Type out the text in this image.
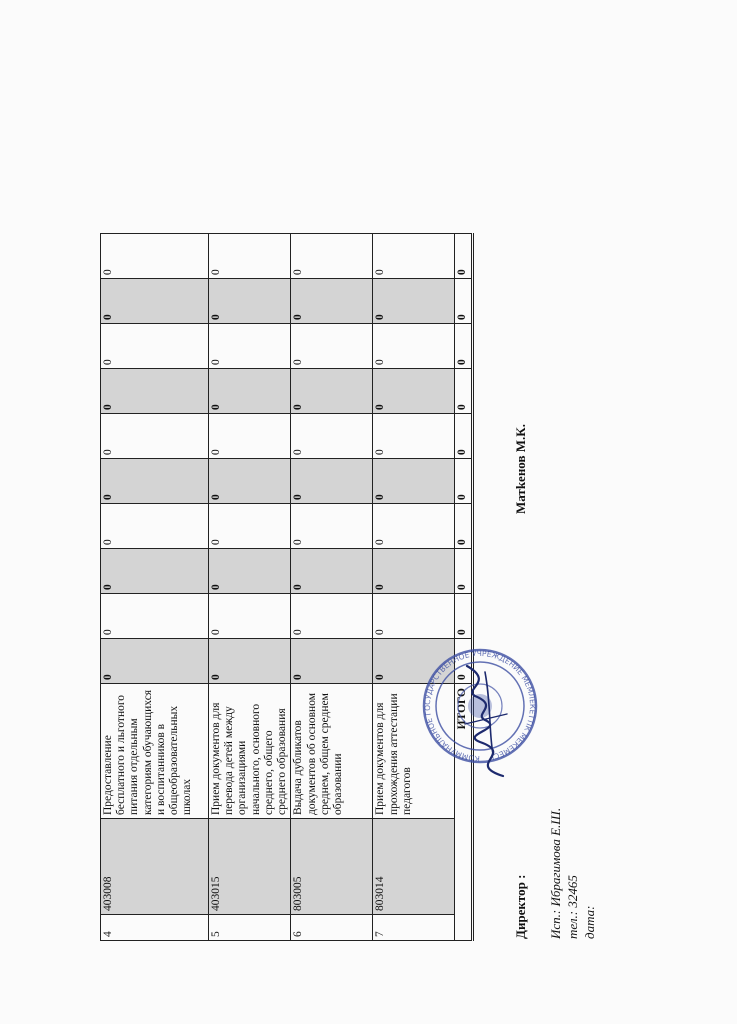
4	403008	Предоставление бесплатного и льготного питания отдельным категориям обучающихся и воспитанников в общеобразовательных школах	0	0	0	0	0	0	0	0	0	0
5	403015	Прием документов для перевода детей между организациями начального, основного среднего, общего среднего образования	0	0	0	0	0	0	0	0	0	0
6	803005	Выдача дубликатов документов об основном среднем, общем среднем образовании	0	0	0	0	0	0	0	0	0	0
7	803014	Прием документов для прохождения аттестации педагогов	0	0	0	0	0	0	0	0	0	0
ИТОГО			0	0	0	0	0	0	0	0	0	0
Директор :
Матkенов М.К.
Исп.: Ибрагимова Е.Ш. тел.: 32465 дата:
КОММУНАЛЬНОЕ ГОСУДАРСТВЕННОЕ УЧРЕЖДЕНИЕ МЕМЛЕКЕТТІК МЕКЕМЕСІ
